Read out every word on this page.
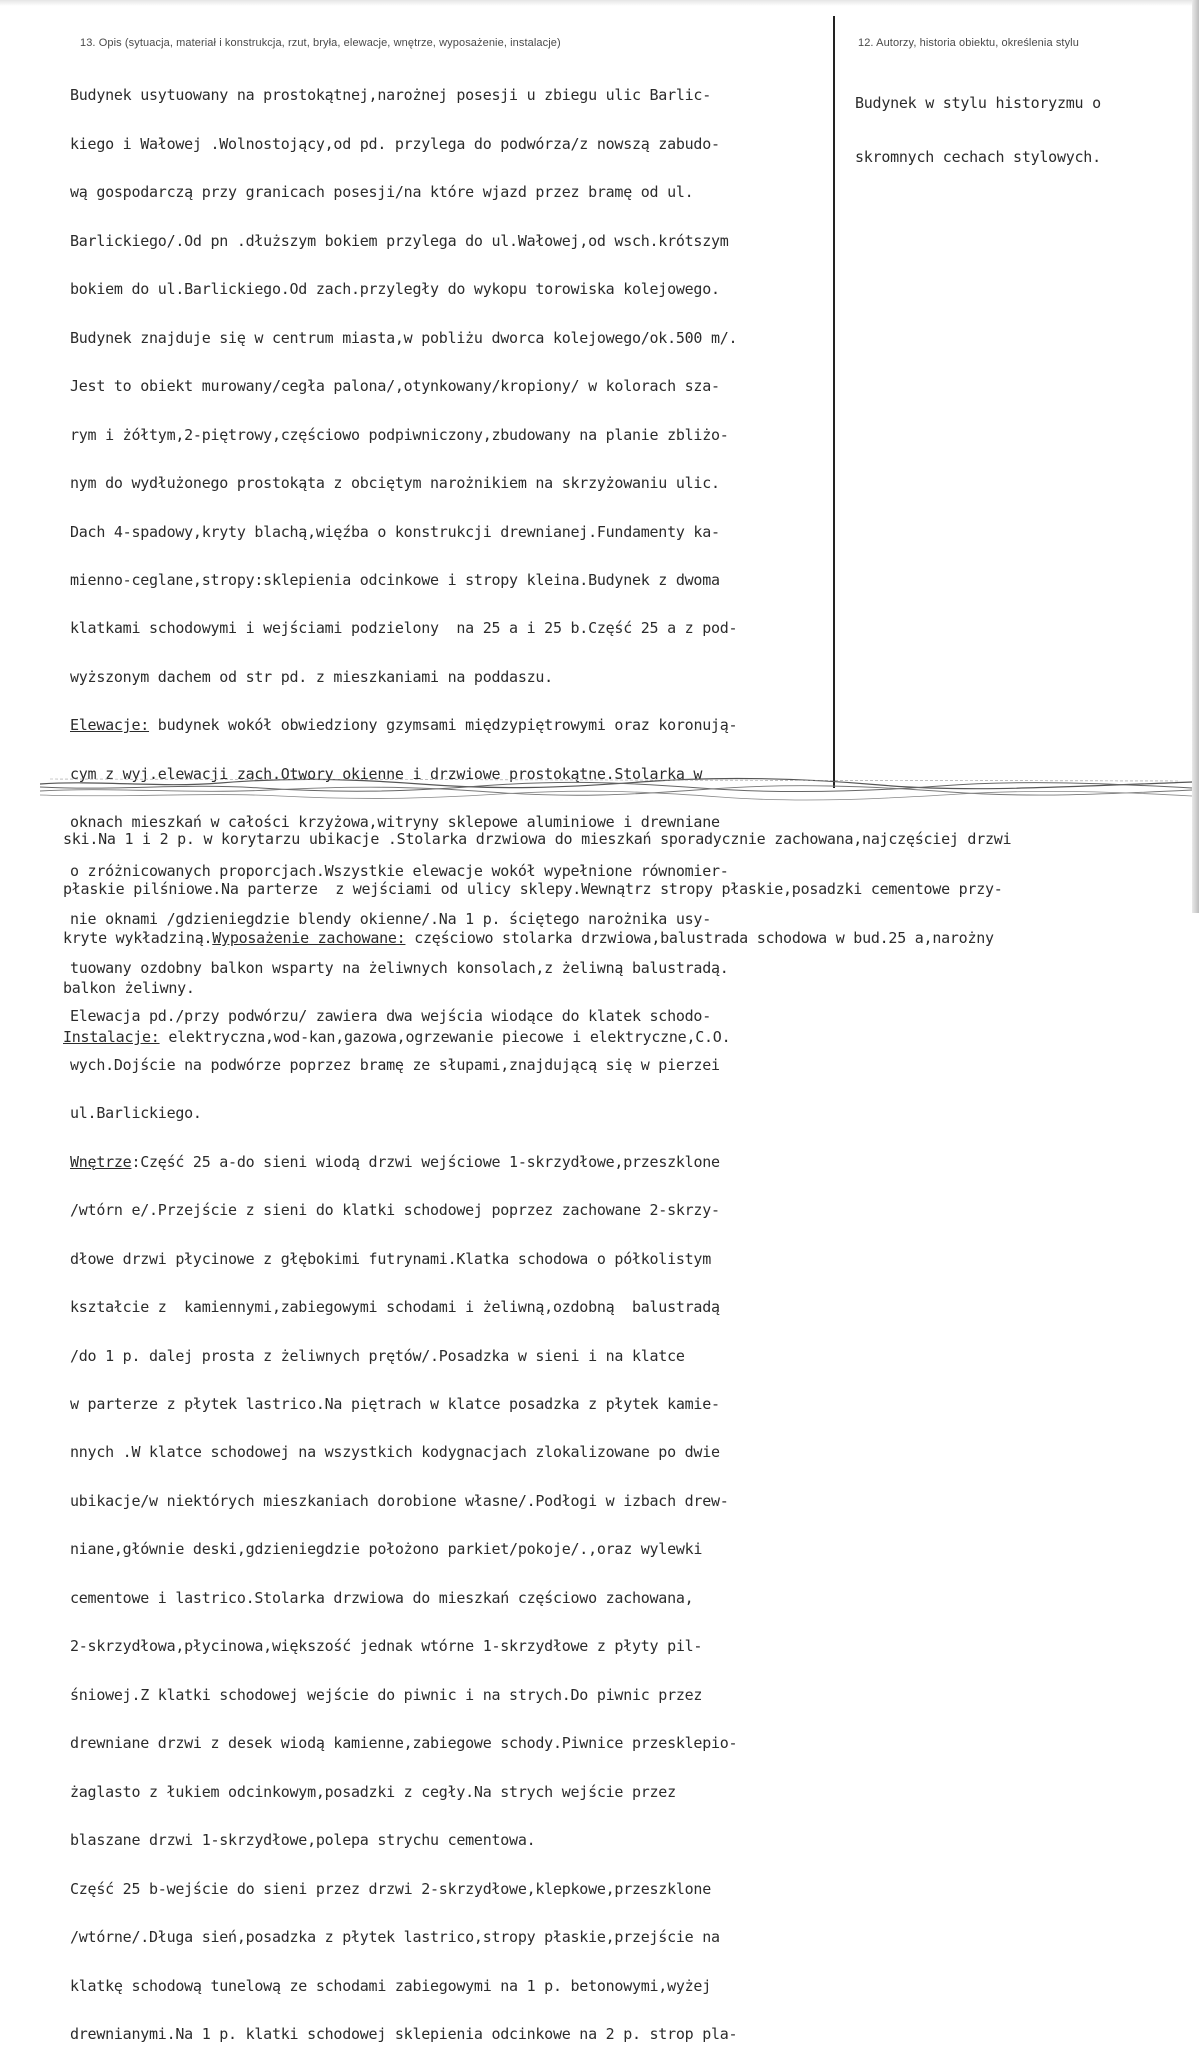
13. Opis (sytuacja, materiał i konstrukcja, rzut, bryła, elewacje, wnętrze, wyposażenie, instalacje)	12. Autorzy, historia obiektu, określenia stylu

Budynek usytuowany na prostokątnej,narożnej posesji u zbiegu ulic Barlic-

kiego i Wałowej .Wolnostojący,od pd. przylega do podwórza/z nowszą zabudo-

wą gospodarczą przy granicach posesji/na które wjazd przez bramę od ul.

Barlickiego/.Od pn .dłuższym bokiem przylega do ul.Wałowej,od wsch.krótszym

bokiem do ul.Barlickiego.Od zach.przyległy do wykopu torowiska kolejowego.

Budynek znajduje się w centrum miasta,w pobliżu dworca kolejowego/ok.500 m/.

Jest to obiekt murowany/cegła palona/,otynkowany/kropiony/ w kolorach sza-

rym i żółtym,2-piętrowy,częściowo podpiwniczony,zbudowany na planie zbliżo-

nym do wydłużonego prostokąta z obciętym narożnikiem na skrzyżowaniu ulic.

Dach 4-spadowy,kryty blachą,więźba o konstrukcji drewnianej.Fundamenty ka-

mienno-ceglane,stropy:sklepienia odcinkowe i stropy kleina.Budynek z dwoma

klatkami schodowymi i wejściami podzielony  na 25 a i 25 b.Część 25 a z pod-

wyższonym dachem od str pd. z mieszkaniami na poddaszu.

Elewacje: budynek wokół obwiedziony gzymsami międzypiętrowymi oraz koronują-

cym z wyj.elewacji zach.Otwory okienne i drzwiowe prostokątne.Stolarka w

oknach mieszkań w całości krzyżowa,witryny sklepowe aluminiowe i drewniane

o zróżnicowanych proporcjach.Wszystkie elewacje wokół wypełnione równomier-

nie oknami /gdzieniegdzie blendy okienne/.Na 1 p. ściętego narożnika usy-

tuowany ozdobny balkon wsparty na żeliwnych konsolach,z żeliwną balustradą.

Elewacja pd./przy podwórzu/ zawiera dwa wejścia wiodące do klatek schodo-

wych.Dojście na podwórze poprzez bramę ze słupami,znajdującą się w pierzei

ul.Barlickiego.

Wnętrze:Część 25 a-do sieni wiodą drzwi wejściowe 1-skrzydłowe,przeszklone

/wtórn e/.Przejście z sieni do klatki schodowej poprzez zachowane 2-skrzy-

dłowe drzwi płycinowe z głębokimi futrynami.Klatka schodowa o półkolistym

kształcie z  kamiennymi,zabiegowymi schodami i żeliwną,ozdobną  balustradą

/do 1 p. dalej prosta z żeliwnych prętów/.Posadzka w sieni i na klatce

w parterze z płytek lastrico.Na piętrach w klatce posadzka z płytek kamie-

nnych .W klatce schodowej na wszystkich kodygnacjach zlokalizowane po dwie

ubikacje/w niektórych mieszkaniach dorobione własne/.Podłogi w izbach drew-

niane,głównie deski,gdzieniegdzie położono parkiet/pokoje/.,oraz wylewki

cementowe i lastrico.Stolarka drzwiowa do mieszkań częściowo zachowana,

2-skrzydłowa,płycinowa,większość jednak wtórne 1-skrzydłowe z płyty pil-

śniowej.Z klatki schodowej wejście do piwnic i na strych.Do piwnic przez

drewniane drzwi z desek wiodą kamienne,zabiegowe schody.Piwnice przesklepio-

żaglasto z łukiem odcinkowym,posadzki z cegły.Na strych wejście przez

blaszane drzwi 1-skrzydłowe,polepa strychu cementowa.

Część 25 b-wejście do sieni przez drzwi 2-skrzydłowe,klepkowe,przeszklone

/wtórne/.Długa sień,posadzka z płytek lastrico,stropy płaskie,przejście na

klatkę schodową tunelową ze schodami zabiegowymi na 1 p. betonowymi,wyżej

drewnianymi.Na 1 p. klatki schodowej sklepienia odcinkowe na 2 p. strop pla-

Budynek w stylu historyzmu o

skromnych cechach stylowych.

ski.Na 1 i 2 p. w korytarzu ubikacje .Stolarka drzwiowa do mieszkań sporadycznie zachowana,najczęściej drzwi

płaskie pilśniowe.Na parterze  z wejściami od ulicy sklepy.Wewnątrz stropy płaskie,posadzki cementowe przy-

kryte wykładziną.Wyposażenie zachowane: częściowo stolarka drzwiowa,balustrada schodowa w bud.25 a,narożny

balkon żeliwny.

Instalacje: elektryczna,wod-kan,gazowa,ogrzewanie piecowe i elektryczne,C.O.
